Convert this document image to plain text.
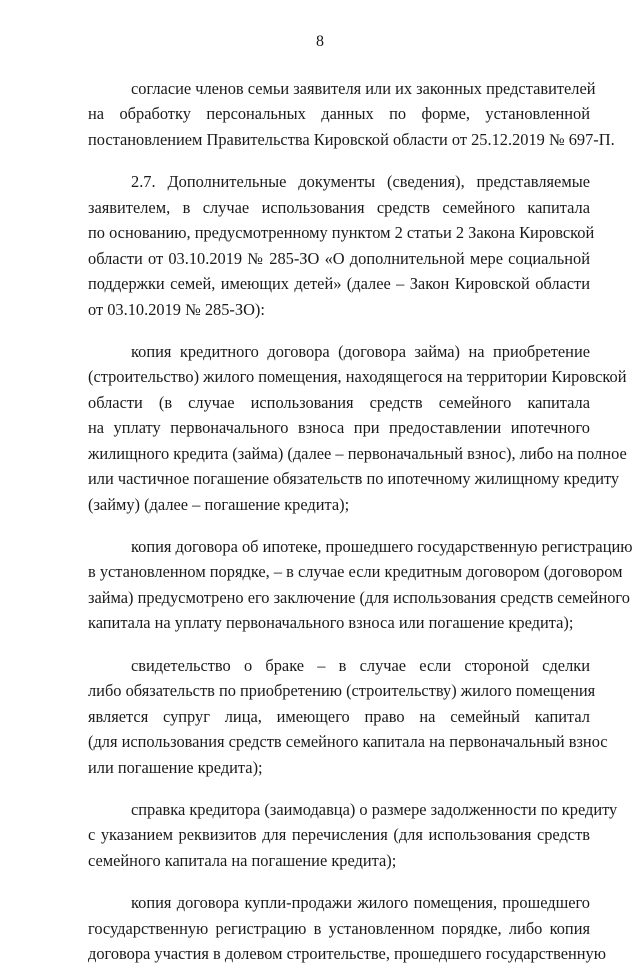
8
согласие членов семьи заявителя или их законных представителей
на обработку персональных данных по форме, установленной
постановлением Правительства Кировской области от 25.12.2019 № 697-П.
2.7. Дополнительные документы (сведения), представляемые
заявителем, в случае использования средств семейного капитала
по основанию, предусмотренному пунктом 2 статьи 2 Закона Кировской
области от 03.10.2019 № 285-ЗО «О дополнительной мере социальной
поддержки семей, имеющих детей» (далее – Закон Кировской области
от 03.10.2019 № 285-ЗО):
копия кредитного договора (договора займа) на приобретение
(строительство) жилого помещения, находящегося на территории Кировской
области (в случае использования средств семейного капитала
на уплату первоначального взноса при предоставлении ипотечного
жилищного кредита (займа) (далее – первоначальный взнос), либо на полное
или частичное погашение обязательств по ипотечному жилищному кредиту
(займу) (далее – погашение кредита);
копия договора об ипотеке, прошедшего государственную регистрацию
в установленном порядке, – в случае если кредитным договором (договором
займа) предусмотрено его заключение (для использования средств семейного
капитала на уплату первоначального взноса или погашение кредита);
свидетельство о браке – в случае если стороной сделки
либо обязательств по приобретению (строительству) жилого помещения
является супруг лица, имеющего право на семейный капитал
(для использования средств семейного капитала на первоначальный взнос
или погашение кредита);
справка кредитора (заимодавца) о размере задолженности по кредиту
с указанием реквизитов для перечисления (для использования средств
семейного капитала на погашение кредита);
копия договора купли-продажи жилого помещения, прошедшего
государственную регистрацию в установленном порядке, либо копия
договора участия в долевом строительстве, прошедшего государственную
